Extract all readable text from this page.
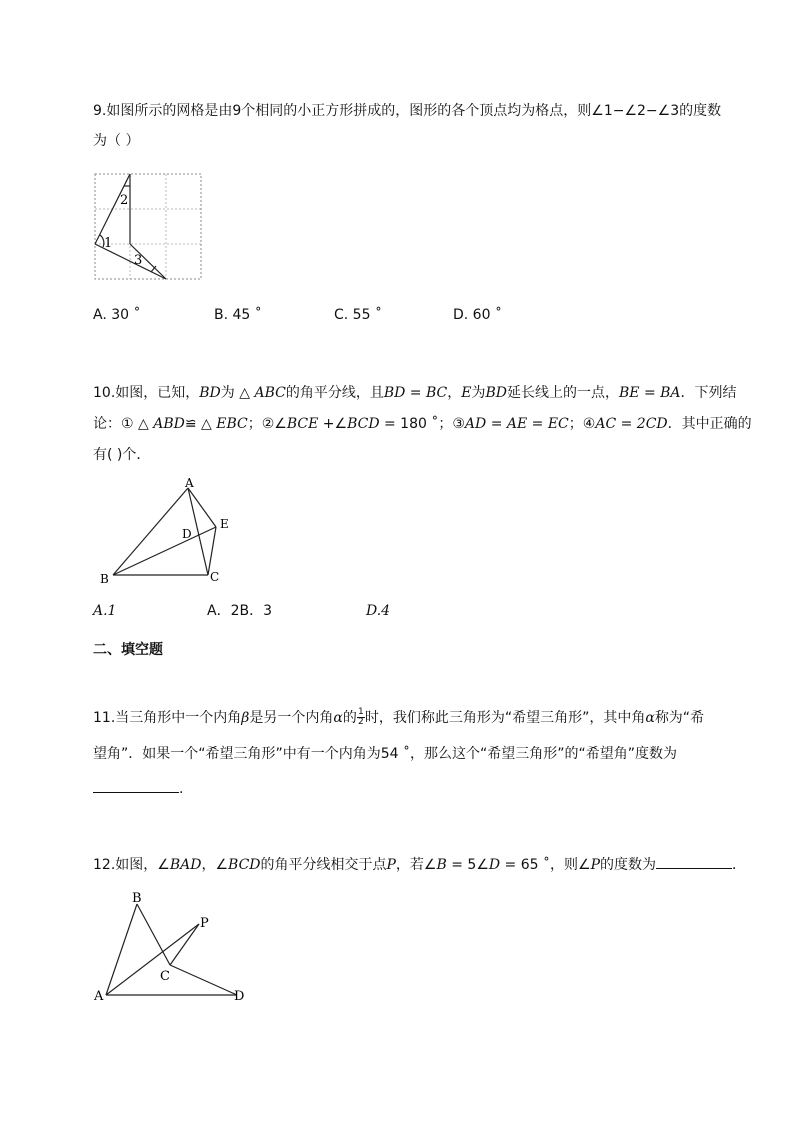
9.如图所示的网格是由9个相同的小正方形拼成的，图形的各个顶点均为格点，则∠1−∠2−∠3的度数
为（ ）
2
1
3
A. 30 ˚	B. 45 ˚	C. 55 ˚	D. 60 ˚
10.如图，已知，BD为 △ ABC的角平分线，且BD = BC，E为BD延长线上的一点，BE = BA．下列结
论：① △ ABD≌ △ EBC；②∠BCE +∠BCD = 180 ˚；③AD = AE = EC；④AC = 2CD．其中正确的
有( )个．
A
B	C
D
E
A.1	A．2B．3	D.4
二、填空题
11.当三角形中一个内角β是另一个内角α的 $\frac{1}{2}$ 时，我们称此三角形为“希望三角形”，其中角α称为“希
望角”．如果一个“希望三角形”中有一个内角为54 ˚，那么这个“希望三角形”的“希望角”度数为
.
12.如图，∠BAD，∠BCD的角平分线相交于点P，若∠B = 5∠D = 65 ˚，则∠P的度数为	．
B
A
C
D
P
